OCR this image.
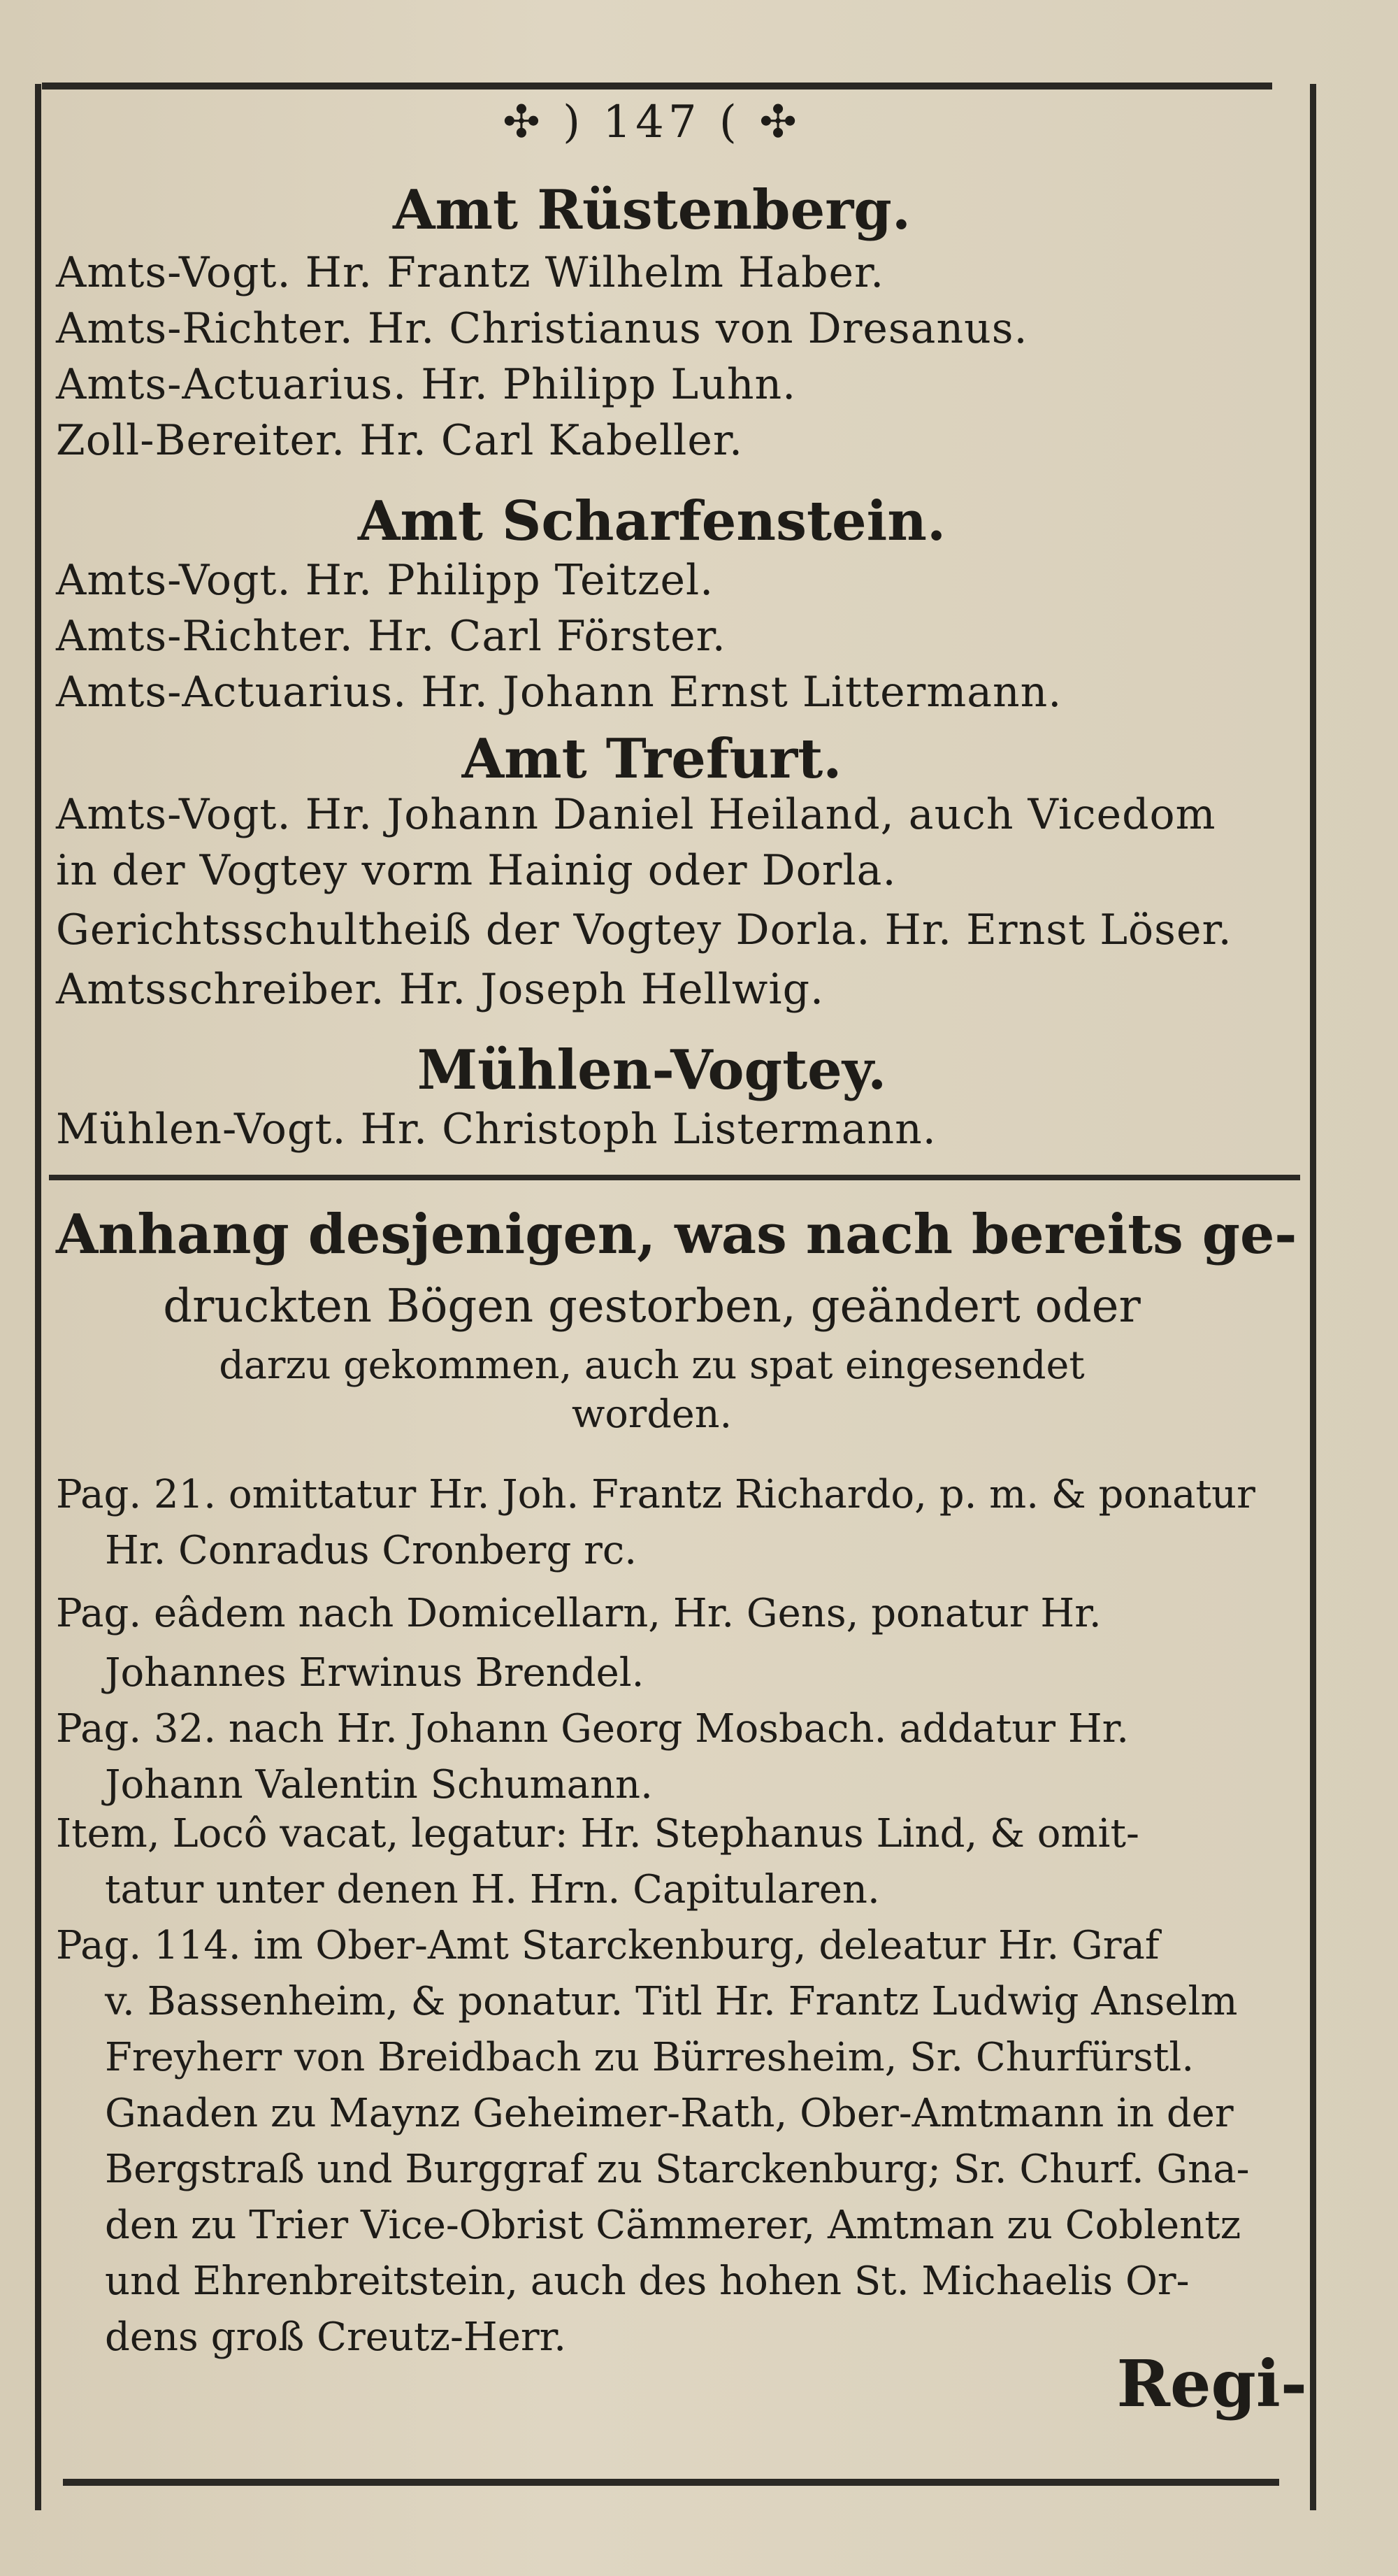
✣ ) 147 ( ✣
Amt Rüstenberg.
Amts-Vogt. Hr. Frantz Wilhelm Haber.
Amts-Richter. Hr. Christianus von Dresanus.
Amts-Actuarius. Hr. Philipp Luhn.
Zoll-Bereiter. Hr. Carl Kabeller.
Amt Scharfenstein.
Amts-Vogt. Hr. Philipp Teitzel.
Amts-Richter. Hr. Carl Förster.
Amts-Actuarius. Hr. Johann Ernst Littermann.
Amt Trefurt.
Amts-Vogt. Hr. Johann Daniel Heiland, auch Vicedom
in der Vogtey vorm Hainig oder Dorla.
Gerichtsschultheiß der Vogtey Dorla. Hr. Ernst Löser.
Amtsschreiber. Hr. Joseph Hellwig.
Mühlen-Vogtey.
Mühlen-Vogt. Hr. Christoph Listermann.
Anhang desjenigen, was nach bereits ge-
druckten Bögen gestorben, geändert oder
darzu gekommen, auch zu spat eingesendet
worden.
Pag. 21. omittatur Hr. Joh. Frantz Richardo, p. m. & ponatur
Hr. Conradus Cronberg rc.
Pag. eâdem nach Domicellarn, Hr. Gens, ponatur Hr.
Johannes Erwinus Brendel.
Pag. 32. nach Hr. Johann Georg Mosbach. addatur Hr.
Johann Valentin Schumann.
Item, Locô vacat, legatur: Hr. Stephanus Lind, & omit-
tatur unter denen H. Hrn. Capitularen.
Pag. 114. im Ober-Amt Starckenburg, deleatur Hr. Graf
v. Bassenheim, & ponatur. Titl Hr. Frantz Ludwig Anselm
Freyherr von Breidbach zu Bürresheim, Sr. Churfürstl.
Gnaden zu Maynz Geheimer-Rath, Ober-Amtmann in der
Bergstraß und Burggraf zu Starckenburg; Sr. Churf. Gna-
den zu Trier Vice-Obrist Cämmerer, Amtman zu Coblentz
und Ehrenbreitstein, auch des hohen St. Michaelis Or-
dens groß Creutz-Herr.
Regi-
